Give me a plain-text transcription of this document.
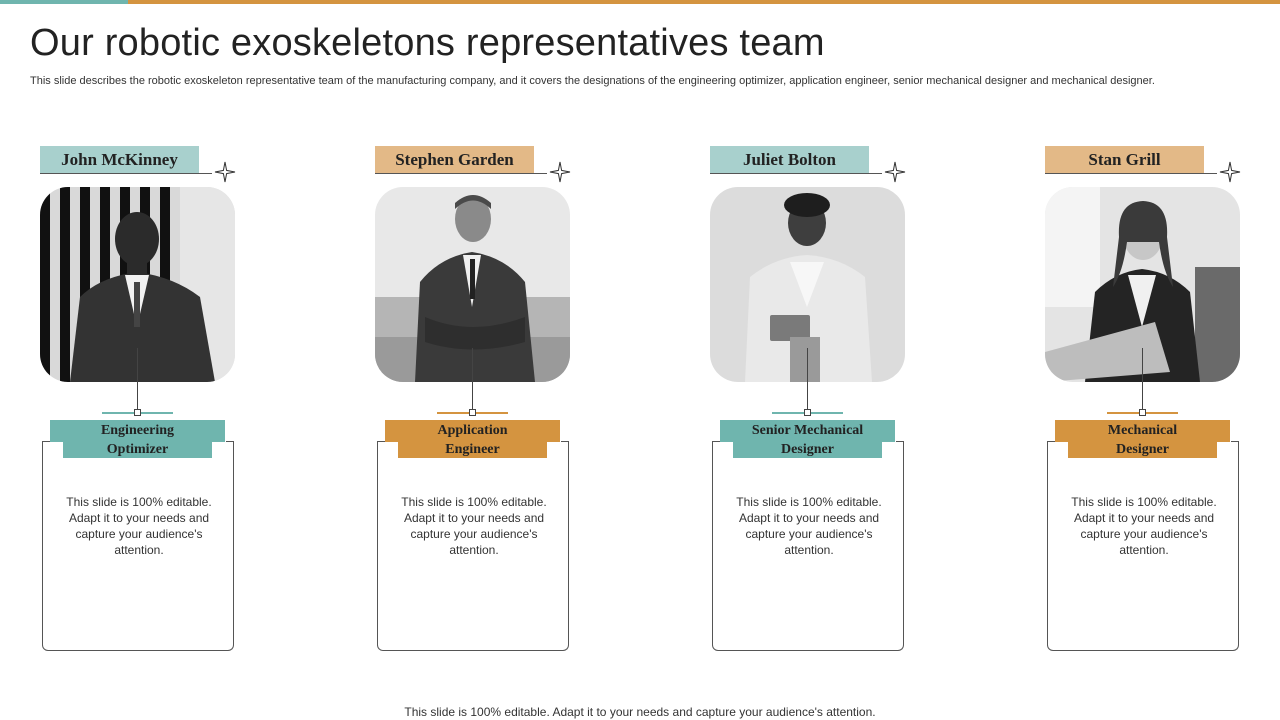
Our robotic exoskeletons representatives team

This slide describes the robotic exoskeleton representative team of the manufacturing company, and it covers the designations of the engineering optimizer, application engineer, senior mechanical designer and mechanical designer.

John McKinney
Engineering
Optimizer
This slide is 100% editable. Adapt it to your needs and capture your audience's attention.
Stephen Garden
Application
Engineer
This slide is 100% editable. Adapt it to your needs and capture your audience's attention.
Juliet Bolton
Senior Mechanical
Designer
This slide is 100% editable. Adapt it to your needs and capture your audience's attention.
Stan Grill
Mechanical
Designer
This slide is 100% editable. Adapt it to your needs and capture your audience's attention.
This slide is 100% editable. Adapt it to your needs and capture your audience's attention.
